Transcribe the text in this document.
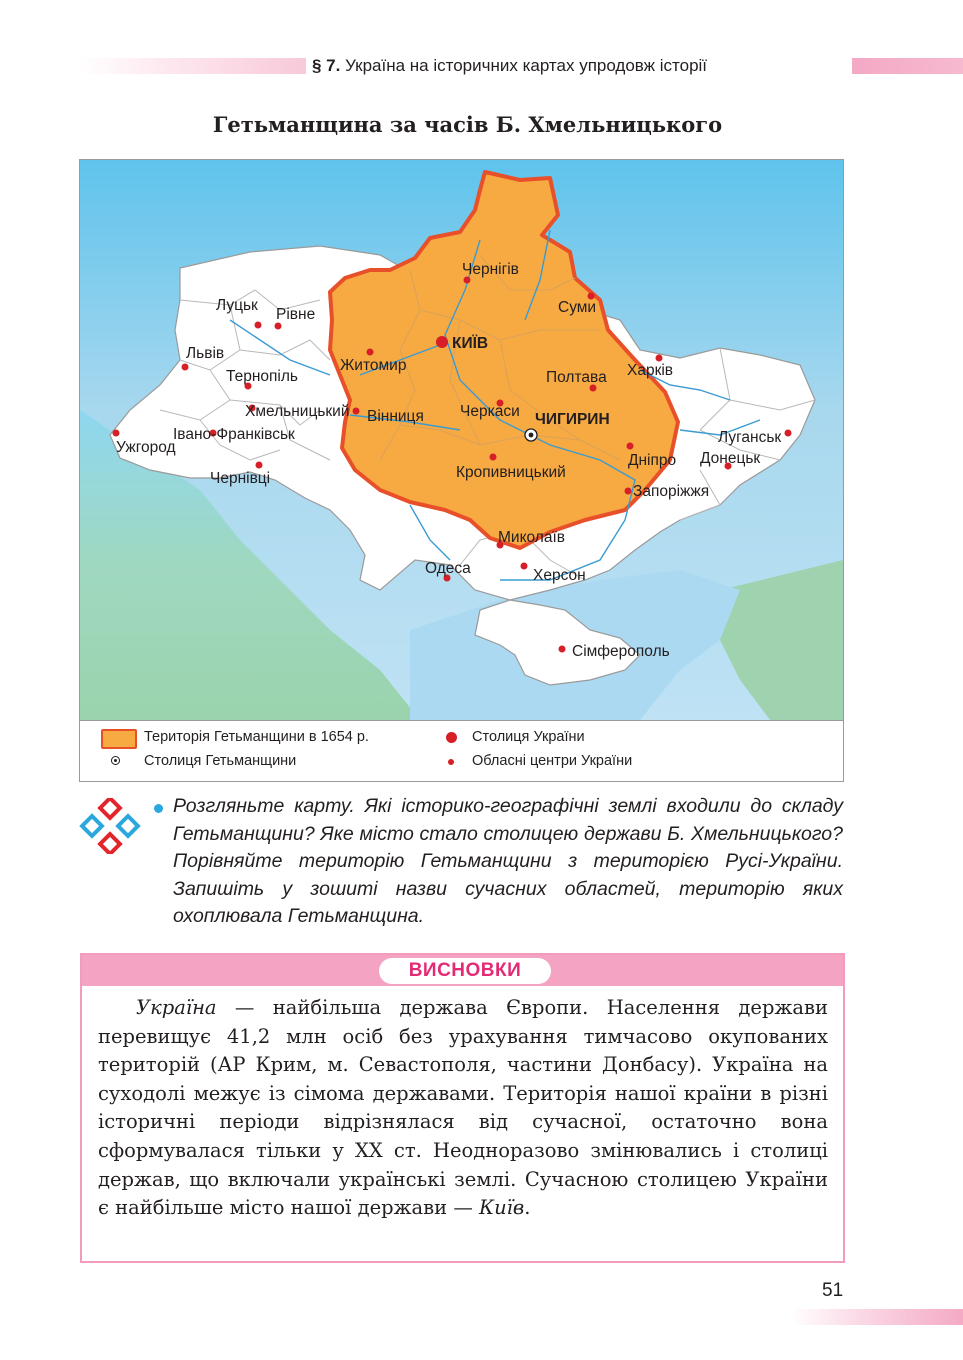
§ 7. Україна на історичних картах упродовж історії
Гетьманщина за часів Б. Хмельницького
Луцьк
Рівне
Львів
Тернопіль
Хмельницький
Івано-Франківськ
Ужгород
Чернівці
Житомир
КИЇВ
Чернігів
Суми
Харків
Полтава
Вінниця Черкаси ЧИГИРИН
Луганськ
Донецьк
Кропивницький
Дніпро
Запоріжжя
Миколаїв
Одеса	Херсон
Сімферополь
Територія Гетьманщини в 1654 р.
Столиця Гетьманщини
Столиця України
Обласні центри України
Розгляньте карту. Які історико-географічні землі входили до складу Гетьманщини? Яке місто стало столицею держави Б. Хмельницького? Порівняйте територію Гетьманщини з територією Русі-України. Запишіть у зошиті назви сучасних областей, територію яких охоплювала Гетьманщина.
ВИСНОВКИ
Україна — найбільша держава Європи. Населення держави перевищує 41,2 млн осіб без урахування тимчасово окупованих територій (АР Крим, м. Севастополя, частини Донбасу). Україна на суходолі межує із сімома державами. Територія нашої країни в різні історичні періоди відрізнялася від сучасної, остаточно вона сформувалася тільки у ХХ ст. Неодноразово змінювались і столиці держав, що включали українські землі. Сучасною столицею України є найбільше місто нашої держави — Київ.
51
